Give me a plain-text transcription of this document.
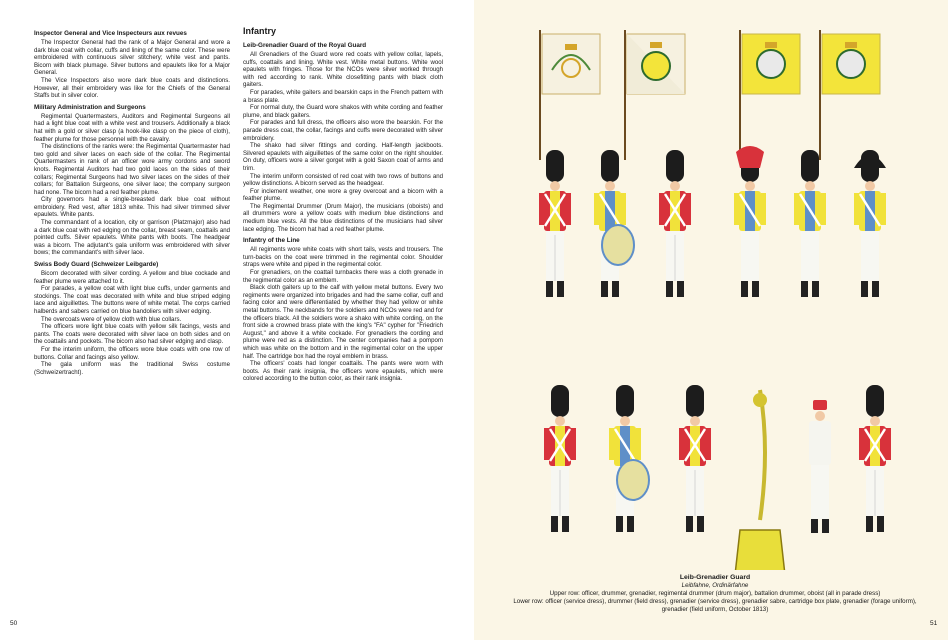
Inspector General and Vice Inspecteurs aux revues

The Inspector General had the rank of a Major General and wore a dark blue coat with collar, cuffs and lining of the same color. These were embroidered with continuous silver stitchery; white vest and pants. Bicorn with black plumage. Silver buttons and epaulets like for a Major General.

The Vice Inspectors also wore dark blue coats and distinctions. However, all their embroidery was like for the Chiefs of the General Staffs but in silver color.

Military Administration and Surgeons

Regimental Quartermasters, Auditors and Regimental Surgeons all had a light blue coat with a white vest and trousers. Additionally a black hat with a gold or silver clasp (a hook-like clasp on the piece of cloth), feather plume for those personnel with the cavalry.

The distinctions of the ranks were: the Regimental Quartermaster had two gold and silver laces on each side of the collar. The Regimental Quartermasters in rank of an officer wore army cordons and sword knots. Regimental Auditors had two gold laces on the sides of their collars; Regimental Surgeons had two silver laces on the sides of their collars; for Battalion Surgeons, one silver lace; the company surgeon had none. The bicorn had a red feather plume.

City governors had a single-breasted dark blue coat without embroidery. Red vest, after 1813 white. This had silver trimmed silver epaulets. White pants.

The commandant of a location, city or garrison (Platzmajor) also had a dark blue coat with red edging on the collar, breast seam, coattails and pointed cuffs. Silver epaulets. White pants with boots. The headgear was a bicorn. The adjutant's gala uniform was embroidered with silver bows; the commandant's with silver lace.

Swiss Body Guard (Schweizer Leibgarde)

Bicorn decorated with silver cording. A yellow and blue cockade and feather plume were attached to it.

For parades, a yellow coat with light blue cuffs, under garments and stockings. The coat was decorated with white and blue striped edging lace and aiguillettes. The buttons were of white metal. The corps carried halberds and sabers carried on blue bandoliers with silver edging.

The overcoats were of yellow cloth with blue collars.

The officers wore light blue coats with yellow silk facings, vests and pants. The coats were decorated with silver lace on both sides and on the coattails and pockets. The bicorn also had silver edging and clasp.

For the interim uniform, the officers wore blue coats with one row of buttons. Collar and facings also yellow.

The gala uniform was the traditional Swiss costume (Schweizertracht).

Infantry
Leib-Grenadier Guard of the Royal Guard

All Grenadiers of the Guard wore red coats with yellow collar, lapels, cuffs, coattails and lining. White vest. White metal buttons. White wool epaulets with fringes. Those for the NCOs were silver worked through with red according to rank. White closefitting pants with black cloth gaiters.

For parades, white gaiters and bearskin caps in the French pattern with a brass plate.

For normal duty, the Guard wore shakos with white cording and feather plume, and black gaiters.

For parades and full dress, the officers also wore the bearskin. For the parade dress coat, the collar, facings and cuffs were decorated with silver embroidery.

The shako had silver fittings and cording. Half-length jackboots. Silvered epaulets with aiguillettes of the same color on the right shoulder. On duty, officers wore a silver gorget with a gold Saxon coat of arms and trim.

The interim uniform consisted of red coat with two rows of buttons and yellow distinctions. A bicorn served as the headgear.

For inclement weather, one wore a grey overcoat and a bicorn with a feather plume.

The Regimental Drummer (Drum Major), the musicians (oboists) and all drummers wore a yellow coats with medium blue distinctions and medium blue vests. All the blue distinctions of the musicians had silver lace edging. The bicorn hat had a red feather plume.

Infantry of the Line

All regiments wore white coats with short tails, vests and trousers. The turn-backs on the coat were trimmed in the regimental color. Shoulder straps were white and piped in the regimental color.

For grenadiers, on the coattail turnbacks there was a cloth grenade in the regimental color as an emblem.

Black cloth gaiters up to the calf with yellow metal buttons. Every two regiments were organized into brigades and had the same collar, cuff and facing color and were differentiated by whether they had yellow or white metal buttons. The neckbands for the soldiers and NCOs were red and for the officers black. All the soldiers wore a shako with white cording, on the front side a crowned brass plate with the king's "FA" cypher for "Friedrich August," and above it a white cockade. For grenadiers the cording and plume were red as a distinction. The center companies had a pompom which was white on the bottom and in the regimental color on the upper half. The cartridge box had the royal emblem in brass.

The officers' coats had longer coattails. The pants were worn with boots. As their rank insignia, the officers wore epaulets, which were colored according to the button color, as their rank insignia.

50	51
Leib-Grenadier Guard
Leibfahne, Ordinärfahne
Upper row: officer, drummer, grenadier, regimental drummer (drum major), battalion drummer, oboist (all in parade dress)
Lower row: officer (service dress), drummer (field dress), grenadier (service dress), grenadier sabre, cartridge box plate, grenadier (forage uniform), grenadier (field uniform, October 1813)
